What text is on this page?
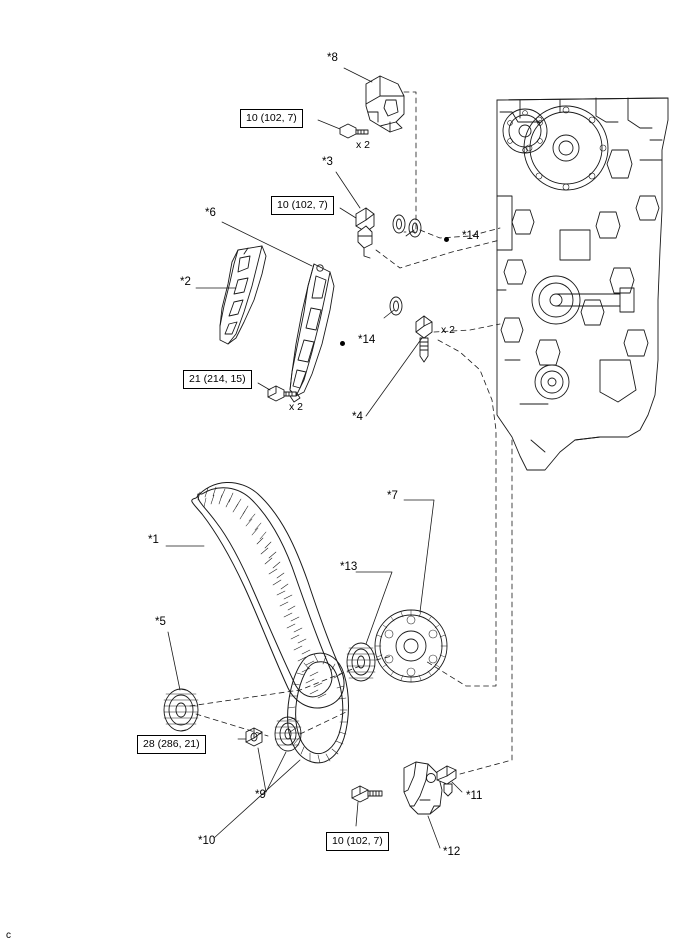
*1
*2
*3
*4
*5
*6
*7
*8
*9
*10
*11
*12
*13
*14
*14
10 (102, 7)
10 (102, 7)
21 (214, 15)
28 (286, 21)
10 (102, 7)
x 2
x 2
x 2
c
